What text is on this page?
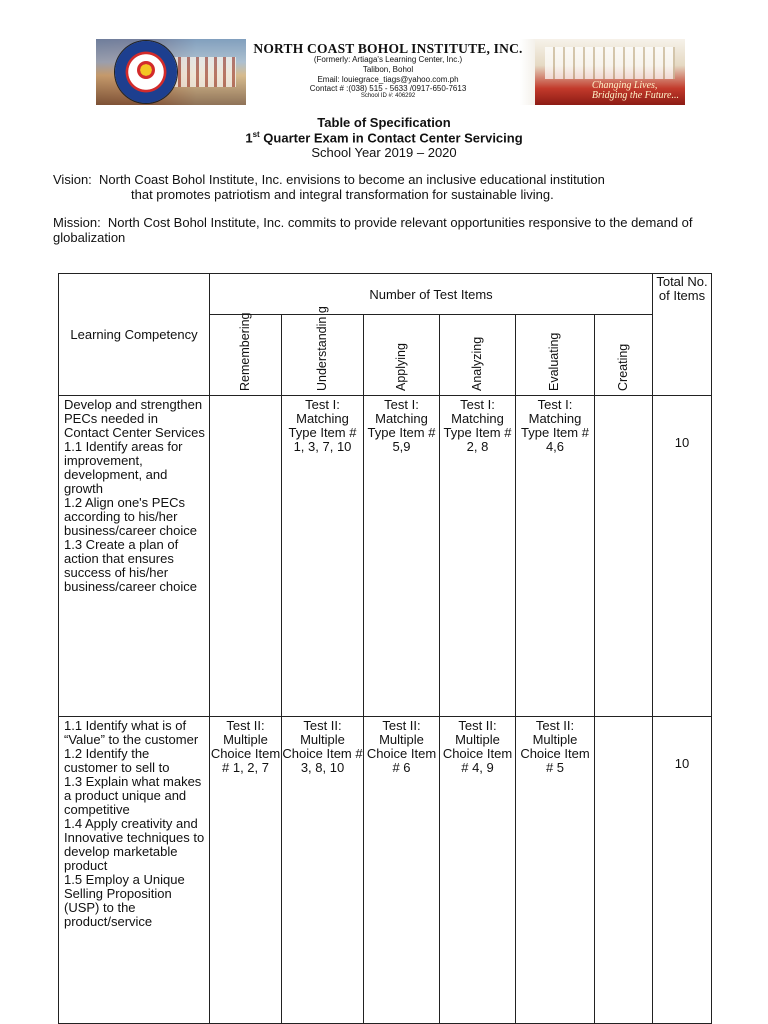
NORTH COAST BOHOL INSTITUTE, INC.
(Formerly: Artiaga's Learning Center, Inc.)
Talibon, Bohol
Email: louiegrace_tiags@yahoo.com.ph
Contact # :(038) 515 - 5633 /0917-650-7613
School ID #: 406292
Changing Lives,
Bridging the Future...
Table of Specification
1st Quarter Exam in Contact Center Servicing
School Year 2019 – 2020
Vision: North Coast Bohol Institute, Inc. envisions to become an inclusive educational institution
that promotes patriotism and integral transformation for sustainable living.
Mission: North Cost Bohol Institute, Inc. commits to provide relevant opportunities responsive to the demand of globalization
Learning Competency	Number of Test Items						Total No. of Items

	Remembering	Understandin g	Applying	Analyzing	Evaluating	Creating	

Develop and strengthen PECs needed in Contact Center Services
1.1 Identify areas for improvement, development, and growth
1.2 Align one's PECs according to his/her business/career choice
1.3 Create a plan of action that ensures success of his/her business/career choice		Test I: Matching Type Item # 1, 3, 7, 10	Test I: Matching Type Item # 5,9	Test I: Matching Type Item # 2, 8	Test I: Matching Type Item # 4,6		10
1.1 Identify what is of “Value” to the customer
1.2 Identify the customer to sell to
1.3 Explain what makes a product unique and competitive
1.4 Apply creativity and Innovative techniques to develop marketable product
1.5 Employ a Unique Selling Proposition (USP) to the product/service	Test II: Multiple Choice Item # 1, 2, 7	Test II: Multiple Choice Item # 3, 8, 10	Test II: Multiple Choice Item # 6	Test II: Multiple Choice Item # 4, 9	Test II: Multiple Choice Item # 5		10
